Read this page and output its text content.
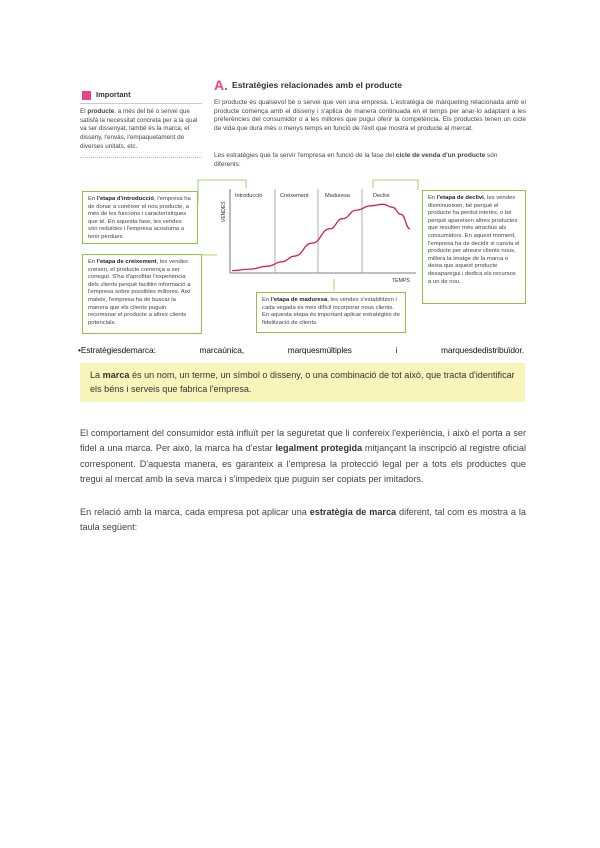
Important
El producte, a més del bé o servei que satisfà la necessitat concreta per a la qual va ser dissenyat, també és la marca, el disseny, l'envàs, l'empaquetament de diverses unitats, etc.
A. Estratègies relacionades amb el producte
El producte és qualsevol bé o servei que ven una empresa. L'estratègia de màrqueting relacionada amb el producte comença amb el disseny i s'aplica de manera continuada en el temps per anar-lo adaptant a les preferències del consumidor o a les millores que pugui oferir la competència. Els productes tenen un cicle de vida que dura més o menys temps en funció de l'èxit que mostra el producte al mercat.
Les estratègies que fa servir l'empresa en funció de la fase del cicle de venda d'un producte són diferents:
Introducció	Creixement	Maduresa	Declivi
VENDES
TEMPS
En l'etapa d'introducció, l'empresa ha de donar a conèixer el nou producte, a més de les funcions i característiques que té. En aquesta fase, les vendes són reduïdes i l'empresa acostuma a tenir pèrdues.
En l'etapa de creixement, les vendes creixen, el producte comença a ser conegut. S'ha d'aprofitar l'experiència dels clients perquè facilitin informació a l'empresa sobre possibles millores. Així mateix, l'empresa ha de buscar la manera que els clients puguin recomanar el producte a altres clients potencials.
En l'etapa de maduresa, les vendes s'estabilitzen i cada vegada és més difícil incorporar nous clients. En aquesta etapa és important aplicar estratègies de fidelització de clients.
En l'etapa de declivi, les vendes disminueixen, bé perquè el producte ha perdut interès, o bé perquè apareixen altres productes que resulten més atractius als consumidors. En aquest moment, l'empresa ha de decidir si canvia el producte per atreure clients nous, millora la imatge de la marca o deixa que aquest producte desaparegui i dedica els recursos a un de nou.
•Estratègiesdemarca:	marcaúnica,	marquesmúltiples	i	marquesdedistribuïdor.
La marca és un nom, un terme, un símbol o disseny, o una combinació de tot això, que tracta d'identificar els béns i serveis que fabrica l'empresa.
El comportament del consumidor està influït per la seguretat que li confereix l'experiència, i això el porta a ser fidel a una marca. Per això, la marca ha d'estar legalment protegida mitjançant la inscripció al registre oficial corresponent. D'aquesta manera, es garanteix a l'empresa la protecció legal per a tots els productes que tregui al mercat amb la seva marca i s'impedeix que puguin ser copiats per imitadors.
En relació amb la marca, cada empresa pot aplicar una estratègia de marca diferent, tal com es mostra a la taula següent:
